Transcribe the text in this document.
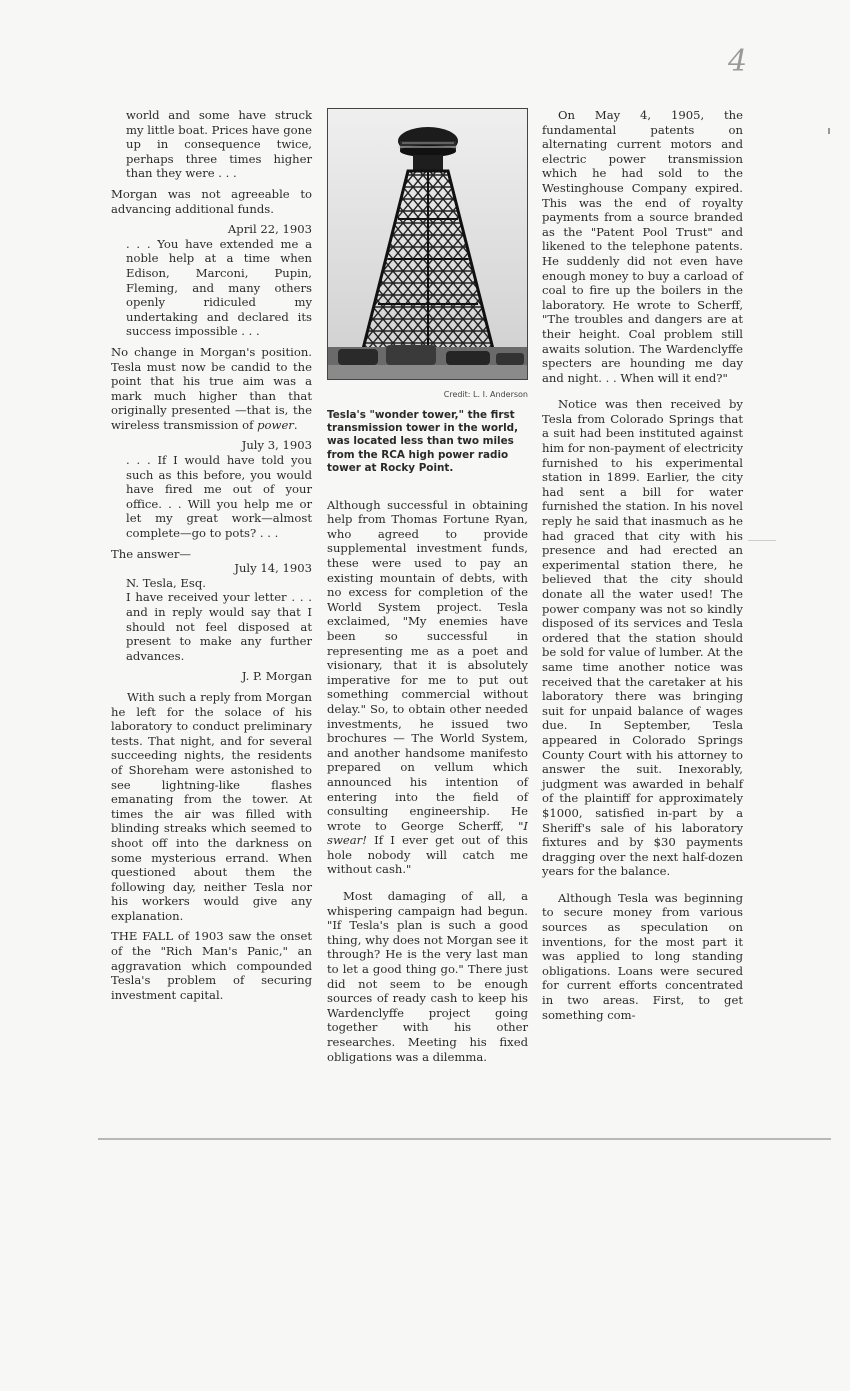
4

world and some have struck my little boat. Prices have gone up in consequence twice, perhaps three times higher than they were . . .

Morgan was not agreeable to advancing additional funds.

April 22, 1903

. . . You have extended me a noble help at a time when Edison, Marconi, Pupin, Fleming, and many others openly ridiculed my undertaking and declared its success impossible . . .

No change in Morgan's position. Tesla must now be candid to the point that his true aim was a mark much higher than that originally presented —that is, the wireless transmission of power.

July 3, 1903

. . . If I would have told you such as this before, you would have fired me out of your office. . . Will you help me or let my great work—almost complete—go to pots? . . .

The answer—

July 14, 1903

N. Tesla, Esq.

I have received your letter . . . and in reply would say that I should not feel disposed at present to make any further advances.

J. P. Morgan

With such a reply from Morgan he left for the solace of his laboratory to conduct preliminary tests. That night, and for several succeeding nights, the residents of Shoreham were astonished to see lightning-like flashes emanating from the tower. At times the air was filled with blinding streaks which seemed to shoot off into the darkness on some mysterious errand. When questioned about them the following day, neither Tesla nor his workers would give any explanation.

THE FALL of 1903 saw the onset of the "Rich Man's Panic," an aggravation which compounded Tesla's problem of securing investment capital.

Credit: L. I. Anderson

Tesla's "wonder tower," the first transmission tower in the world, was located less than two miles from the RCA high power radio tower at Rocky Point.

Although successful in obtaining help from Thomas Fortune Ryan, who agreed to provide supplemental investment funds, these were used to pay an existing mountain of debts, with no excess for completion of the World System project. Tesla exclaimed, "My enemies have been so successful in representing me as a poet and visionary, that it is absolutely imperative for me to put out something commercial without delay." So, to obtain other needed investments, he issued two brochures — The World System, and another handsome manifesto prepared on vellum which announced his intention of entering into the field of consulting engineership. He wrote to George Scherff, "I swear! If I ever get out of this hole nobody will catch me without cash."

Most damaging of all, a whispering campaign had begun. "If Tesla's plan is such a good thing, why does not Morgan see it through? He is the very last man to let a good thing go." There just did not seem to be enough sources of ready cash to keep his Wardenclyffe project going together with his other researches. Meeting his fixed obligations was a dilemma.

On May 4, 1905, the fundamental patents on alternating current motors and electric power transmission which he had sold to the Westinghouse Company expired. This was the end of royalty payments from a source branded as the "Patent Pool Trust" and likened to the telephone patents. He suddenly did not even have enough money to buy a carload of coal to fire up the boilers in the laboratory. He wrote to Scherff, "The troubles and dangers are at their height. Coal problem still awaits solution. The Wardenclyffe specters are hounding me day and night. . . When will it end?"

Notice was then received by Tesla from Colorado Springs that a suit had been instituted against him for non-payment of electricity furnished to his experimental station in 1899. Earlier, the city had sent a bill for water furnished the station. In his novel reply he said that inasmuch as he had graced that city with his presence and had erected an experimental station there, he believed that the city should donate all the water used! The power company was not so kindly disposed of its services and Tesla ordered that the station should be sold for value of lumber. At the same time another notice was received that the caretaker at his laboratory there was bringing suit for unpaid balance of wages due. In September, Tesla appeared in Colorado Springs County Court with his attorney to answer the suit. Inexorably, judgment was awarded in behalf of the plaintiff for approximately $1000, satisfied in-part by a Sheriff's sale of his laboratory fixtures and by $30 payments dragging over the next half-dozen years for the balance.

Although Tesla was beginning to secure money from various sources as speculation on inventions, for the most part it was applied to long standing obligations. Loans were secured for current efforts concentrated in two areas. First, to get something com-
